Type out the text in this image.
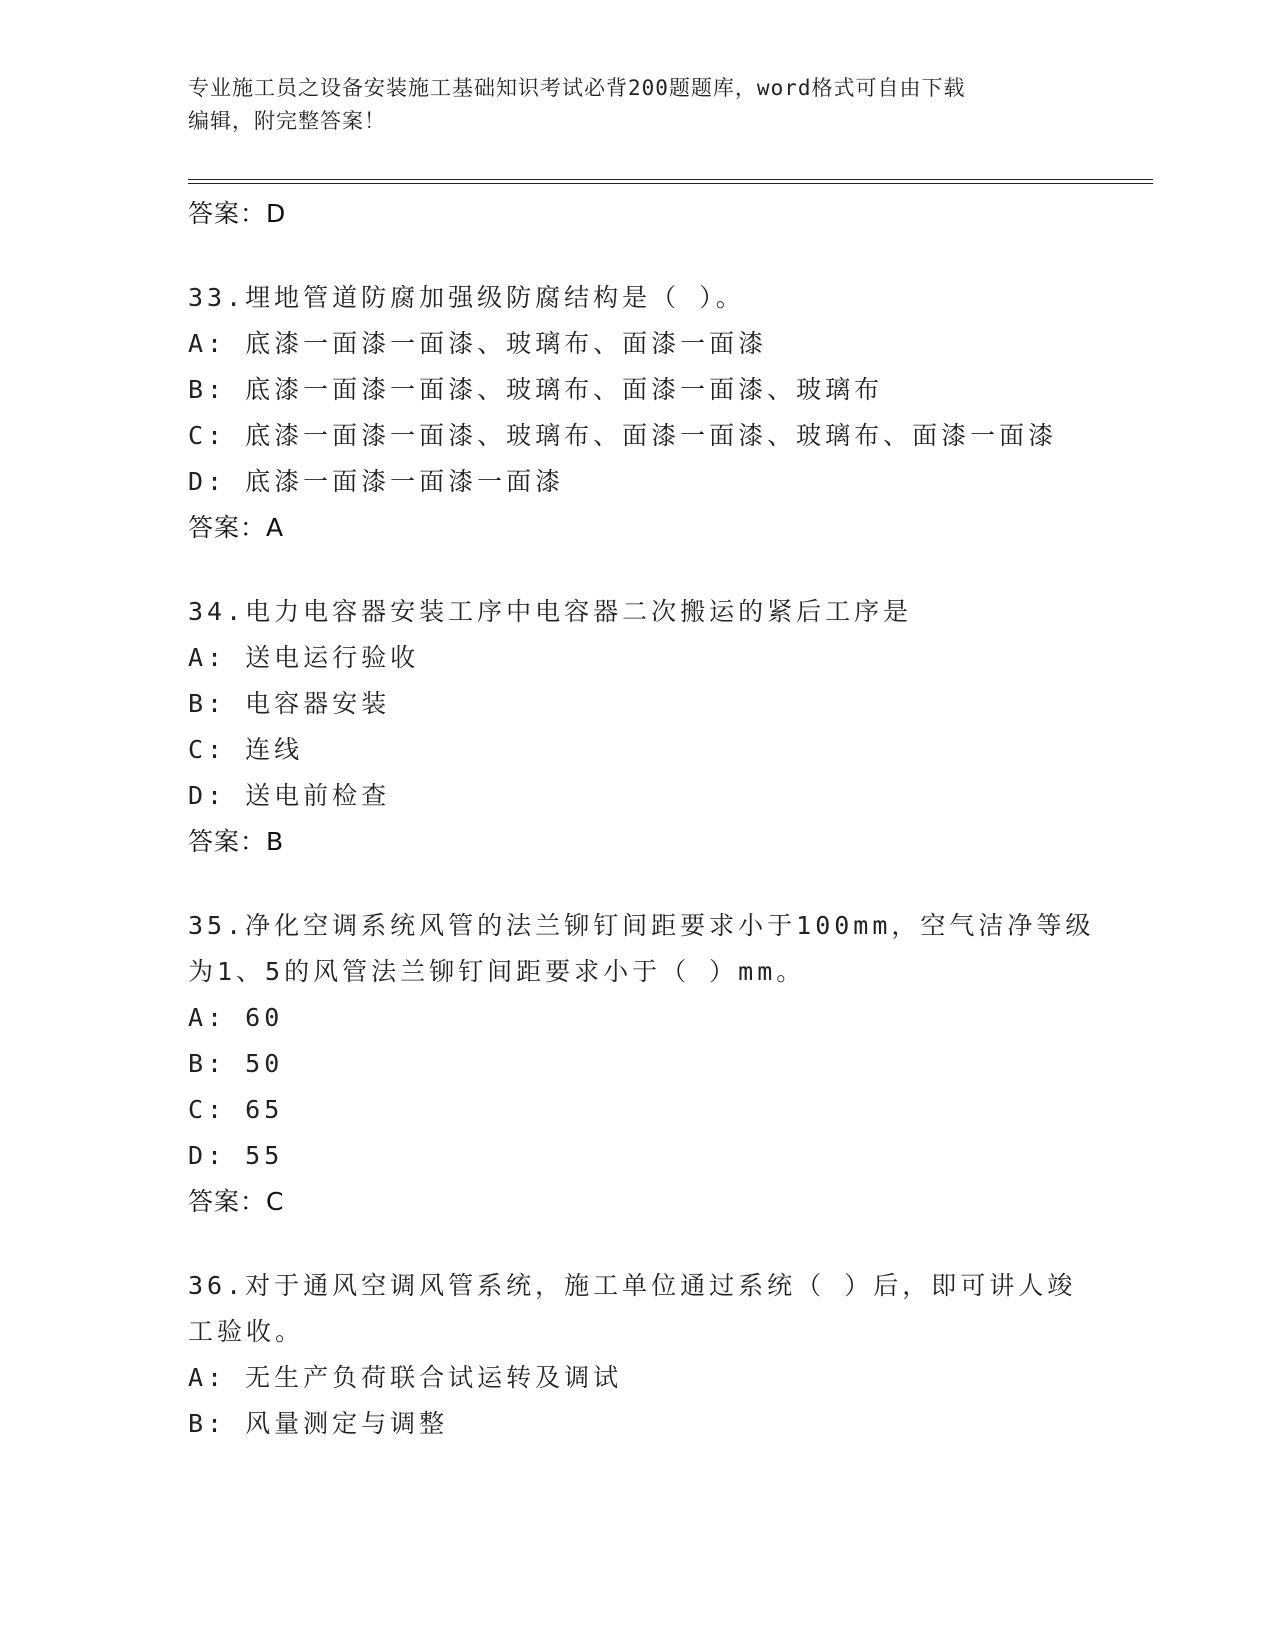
专业施工员之设备安装施工基础知识考试必背200题题库，word格式可自由下载
编辑，附完整答案！
答案：D
33.埋地管道防腐加强级防腐结构是（ ）。
A: 底漆一面漆一面漆、玻璃布、面漆一面漆
B: 底漆一面漆一面漆、玻璃布、面漆一面漆、玻璃布
C: 底漆一面漆一面漆、玻璃布、面漆一面漆、玻璃布、面漆一面漆
D: 底漆一面漆一面漆一面漆
答案：A
34.电力电容器安装工序中电容器二次搬运的紧后工序是
A: 送电运行验收
B: 电容器安装
C: 连线
D: 送电前检查
答案：B
35.净化空调系统风管的法兰铆钉间距要求小于100mm，空气洁净等级
为1、5的风管法兰铆钉间距要求小于（ ）mm。
A: 60
B: 50
C: 65
D: 55
答案：C
36.对于通风空调风管系统，施工单位通过系统（ ）后，即可讲人竣
工验收。
A: 无生产负荷联合试运转及调试
B: 风量测定与调整
